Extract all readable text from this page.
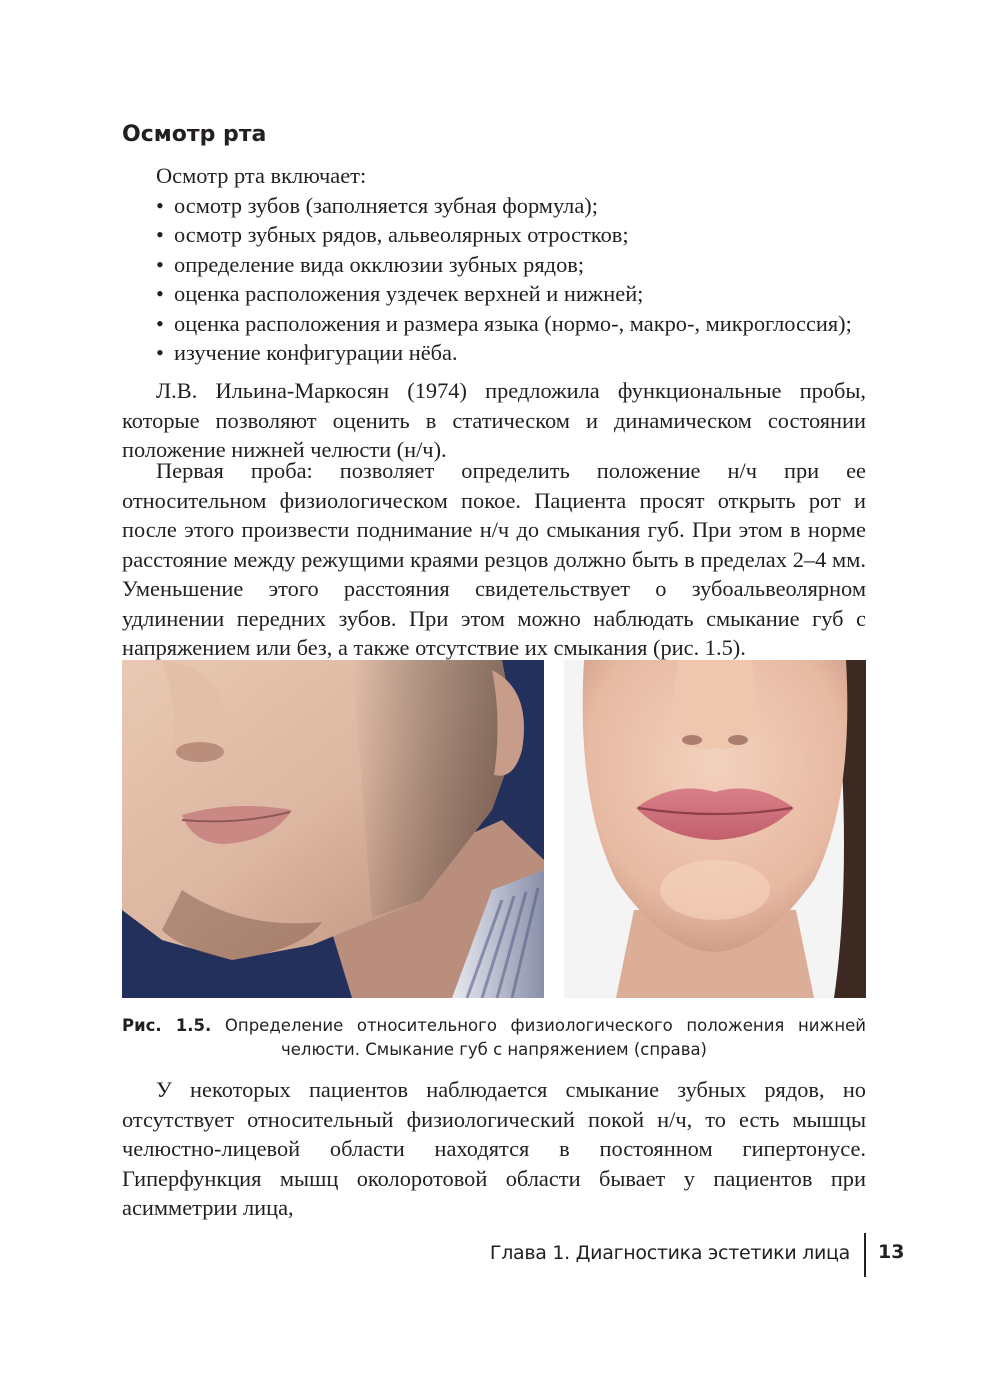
Осмотр рта

Осмотр рта включает:

• осмотр зубов (заполняется зубная формула);
• осмотр зубных рядов, альвеолярных отростков;
• определение вида окклюзии зубных рядов;
• оценка расположения уздечек верхней и нижней;
• оценка расположения и размера языка (нормо-, макро-, микроглоссия);
• изучение конфигурации нёба.

Л.В. Ильина-Маркосян (1974) предложила функциональные пробы, которые позволяют оценить в статическом и динамическом состоянии положение нижней челюсти (н/ч).

Первая проба: позволяет определить положение н/ч при ее относительном физиологическом покое. Пациента просят открыть рот и после этого произвести поднимание н/ч до смыкания губ. При этом в норме расстояние между режущими краями резцов должно быть в пределах 2–4 мм. Уменьшение этого расстояния свидетельствует о зубоальвеолярном удлинении передних зубов. При этом можно наблюдать смыкание губ с напряжением или без, а также отсутствие их смыкания (рис. 1.5).

Рис. 1.5. Определение относительного физиологического положения нижней
челюсти. Смыкание губ с напряжением (справа)

У некоторых пациентов наблюдается смыкание зубных рядов, но отсутствует относительный физиологический покой н/ч, то есть мышцы челюстно-лицевой области находятся в постоянном гипертонусе. Гиперфункция мышц околоротовой области бывает у пациентов при асимметрии лица,

Глава 1. Диагностика эстетики лица 13
